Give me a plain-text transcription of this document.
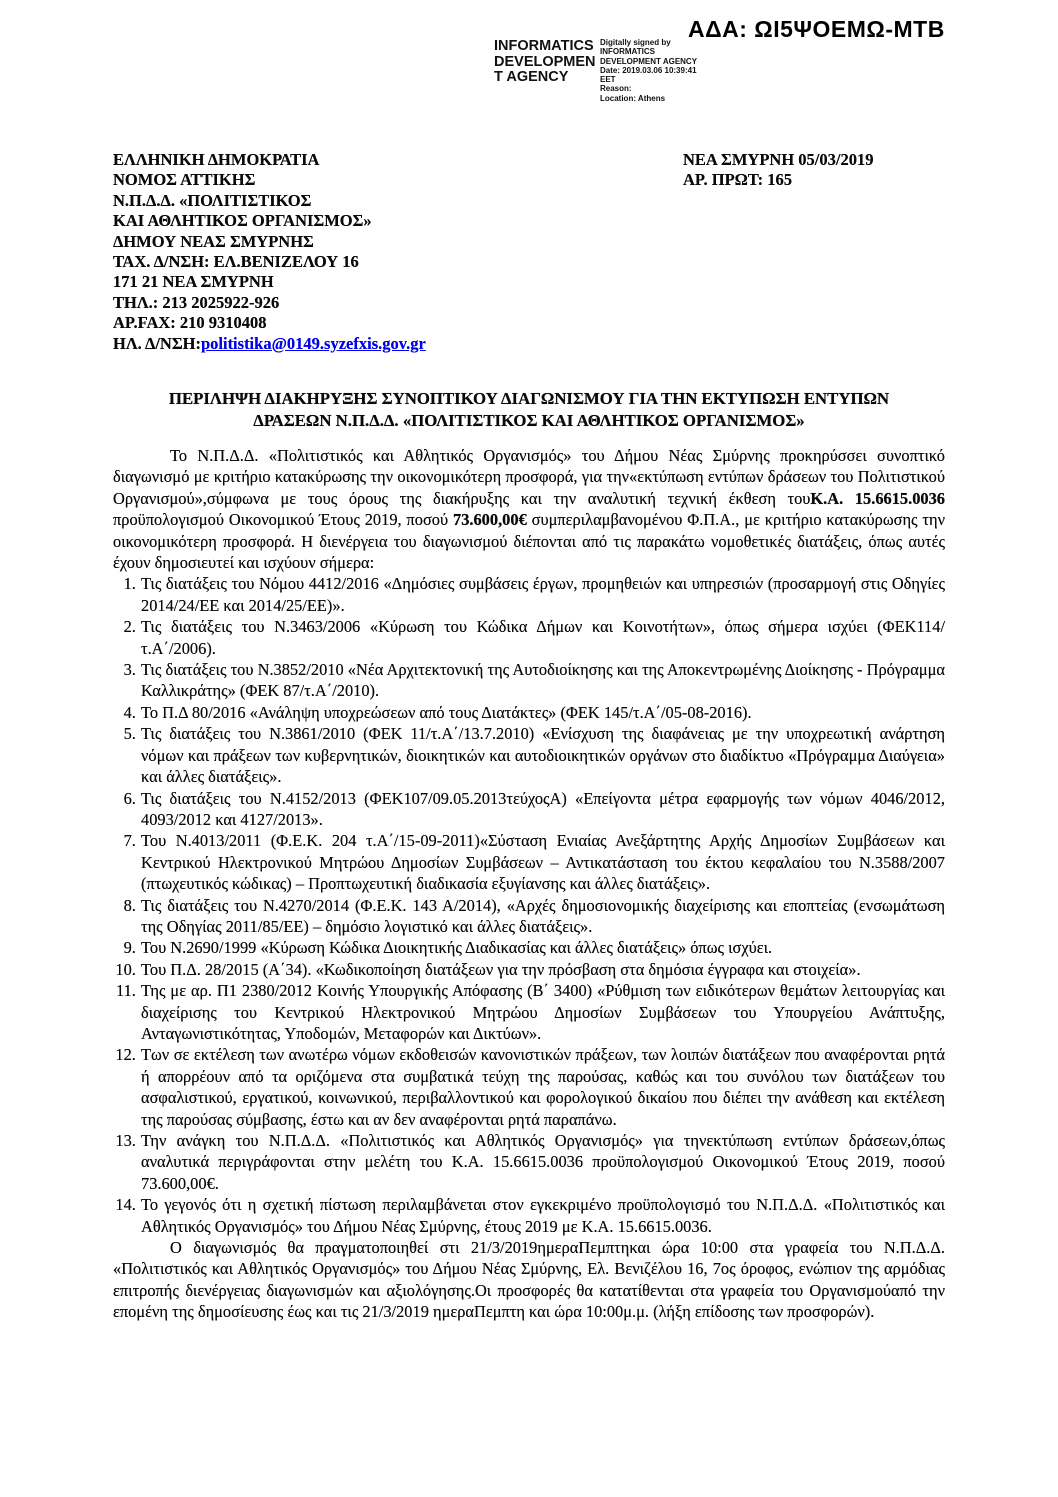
ΑΔΑ: ΩΙ5ΨΟΕΜΩ-ΜΤΒ
INFORMATICS
DEVELOPMEN
T AGENCY
Digitally signed by
INFORMATICS
DEVELOPMENT AGENCY
Date: 2019.03.06 10:39:41
EET
Reason:
Location: Athens
ΕΛΛΗΝΙΚΗ ΔΗΜΟΚΡΑΤΙΑ
ΝΟΜΟΣ ΑΤΤΙΚΗΣ
Ν.Π.Δ.Δ. «ΠΟΛΙΤΙΣΤΙΚΟΣ
ΚΑΙ ΑΘΛΗΤΙΚΟΣ ΟΡΓΑΝΙΣΜΟΣ»
ΔΗΜΟΥ ΝΕΑΣ ΣΜΥΡΝΗΣ
ΤΑΧ. Δ/ΝΣΗ: ΕΛ.ΒΕΝΙΖΕΛΟΥ 16
171 21 ΝΕΑ ΣΜΥΡΝΗ
ΤΗΛ.: 213 2025922-926
ΑΡ.FAX: 210 9310408
ΗΛ. Δ/ΝΣΗ:politistika@0149.syzefxis.gov.gr
ΝΕΑ ΣΜΥΡΝΗ 05/03/2019
ΑΡ. ΠΡΩΤ: 165
ΠΕΡΙΛΗΨΗ ΔΙΑΚΗΡΥΞΗΣ ΣΥΝΟΠΤΙΚΟΥ ΔΙΑΓΩΝΙΣΜΟΥ ΓΙΑ ΤΗΝ ΕΚΤΥΠΩΣΗ ΕΝΤΥΠΩΝ
ΔΡΑΣΕΩΝ Ν.Π.Δ.Δ. «ΠΟΛΙΤΙΣΤΙΚΟΣ ΚΑΙ ΑΘΛΗΤΙΚΟΣ ΟΡΓΑΝΙΣΜΟΣ»

Το Ν.Π.Δ.Δ. «Πολιτιστικός και Αθλητικός Οργανισμός» του Δήμου Νέας Σμύρνης προκηρύσσει συνοπτικό διαγωνισμό με κριτήριο κατακύρωσης την οικονομικότερη προσφορά, για την«εκτύπωση εντύπων δράσεων του Πολιτιστικού Οργανισμού»,σύμφωνα με τους όρους της διακήρυξης και την αναλυτική τεχνική έκθεση τουΚ.Α. 15.6615.0036 προϋπολογισμού Οικονομικού Έτους 2019, ποσού 73.600,00€ συμπεριλαμβανομένου Φ.Π.Α., με κριτήριο κατακύρωσης την οικονομικότερη προσφορά. Η διενέργεια του διαγωνισμού διέπονται από τις παρακάτω νομοθετικές διατάξεις, όπως αυτές έχουν δημοσιευτεί και ισχύουν σήμερα:

1. Τις διατάξεις του Νόμου 4412/2016 «Δημόσιες συμβάσεις έργων, προμηθειών και υπηρεσιών (προσαρμογή στις Οδηγίες 2014/24/ΕΕ και 2014/25/ΕΕ)».
2. Τις διατάξεις του Ν.3463/2006 «Κύρωση του Κώδικα Δήμων και Κοινοτήτων», όπως σήμερα ισχύει (ΦΕΚ114/τ.Α΄/2006).
3. Τις διατάξεις του Ν.3852/2010 «Νέα Αρχιτεκτονική της Αυτοδιοίκησης και της Αποκεντρωμένης Διοίκησης - Πρόγραμμα Καλλικράτης» (ΦΕΚ 87/τ.Α΄/2010).
4. Το Π.Δ 80/2016 «Ανάληψη υποχρεώσεων από τους Διατάκτες» (ΦΕΚ 145/τ.Α΄/05-08-2016).
5. Τις διατάξεις του Ν.3861/2010 (ΦΕΚ 11/τ.Α΄/13.7.2010) «Ενίσχυση της διαφάνειας με την υποχρεωτική ανάρτηση νόμων και πράξεων των κυβερνητικών, διοικητικών και αυτοδιοικητικών οργάνων στο διαδίκτυο «Πρόγραμμα Διαύγεια» και άλλες διατάξεις».
6. Τις διατάξεις του Ν.4152/2013 (ΦΕΚ107/09.05.2013τεύχοςΑ) «Επείγοντα μέτρα εφαρμογής των νόμων 4046/2012, 4093/2012 και 4127/2013».
7. Του Ν.4013/2011 (Φ.Ε.Κ. 204 τ.Α΄/15-09-2011)«Σύσταση Ενιαίας Ανεξάρτητης Αρχής Δημοσίων Συμβάσεων και Κεντρικού Ηλεκτρονικού Μητρώου Δημοσίων Συμβάσεων – Αντικατάσταση του έκτου κεφαλαίου του Ν.3588/2007 (πτωχευτικός κώδικας) – Προπτωχευτική διαδικασία εξυγίανσης και άλλες διατάξεις».
8. Τις διατάξεις του Ν.4270/2014 (Φ.Ε.Κ. 143 Α/2014), «Αρχές δημοσιονομικής διαχείρισης και εποπτείας (ενσωμάτωση της Οδηγίας 2011/85/ΕΕ) – δημόσιο λογιστικό και άλλες διατάξεις».
9. Του Ν.2690/1999 «Κύρωση Κώδικα Διοικητικής Διαδικασίας και άλλες διατάξεις» όπως ισχύει.
10. Του Π.Δ. 28/2015 (Α΄34). «Κωδικοποίηση διατάξεων για την πρόσβαση στα δημόσια έγγραφα και στοιχεία».
11. Της με αρ. Π1 2380/2012 Κοινής Υπουργικής Απόφασης (Β΄ 3400) «Ρύθμιση των ειδικότερων θεμάτων λειτουργίας και διαχείρισης του Κεντρικού Ηλεκτρονικού Μητρώου Δημοσίων Συμβάσεων του Υπουργείου Ανάπτυξης, Ανταγωνιστικότητας, Υποδομών, Μεταφορών και Δικτύων».
12. Των σε εκτέλεση των ανωτέρω νόμων εκδοθεισών κανονιστικών πράξεων, των λοιπών διατάξεων που αναφέρονται ρητά ή απορρέουν από τα οριζόμενα στα συμβατικά τεύχη της παρούσας, καθώς και του συνόλου των διατάξεων του ασφαλιστικού, εργατικού, κοινωνικού, περιβαλλοντικού και φορολογικού δικαίου που διέπει την ανάθεση και εκτέλεση της παρούσας σύμβασης, έστω και αν δεν αναφέρονται ρητά παραπάνω.
13. Την ανάγκη του Ν.Π.Δ.Δ. «Πολιτιστικός και Αθλητικός Οργανισμός» για τηνεκτύπωση εντύπων δράσεων,όπως αναλυτικά περιγράφονται στην μελέτη του Κ.Α. 15.6615.0036 προϋπολογισμού Οικονομικού Έτους 2019, ποσού 73.600,00€.
14. Το γεγονός ότι η σχετική πίστωση περιλαμβάνεται στον εγκεκριμένο προϋπολογισμό του Ν.Π.Δ.Δ. «Πολιτιστικός και Αθλητικός Οργανισμός» του Δήμου Νέας Σμύρνης, έτους 2019 με Κ.Α. 15.6615.0036.

Ο διαγωνισμός θα πραγματοποιηθεί στι 21/3/2019ημεραΠεμπτηκαι ώρα 10:00 στα γραφεία του Ν.Π.Δ.Δ. «Πολιτιστικός και Αθλητικός Οργανισμός» του Δήμου Νέας Σμύρνης, Ελ. Βενιζέλου 16, 7ος όροφος, ενώπιον της αρμόδιας επιτροπής διενέργειας διαγωνισμών και αξιολόγησης.Οι προσφορές θα κατατίθενται στα γραφεία του Οργανισμούαπό την επομένη της δημοσίευσης έως και τις 21/3/2019 ημεραΠεμπτη και ώρα 10:00μ.μ. (λήξη επίδοσης των προσφορών).
